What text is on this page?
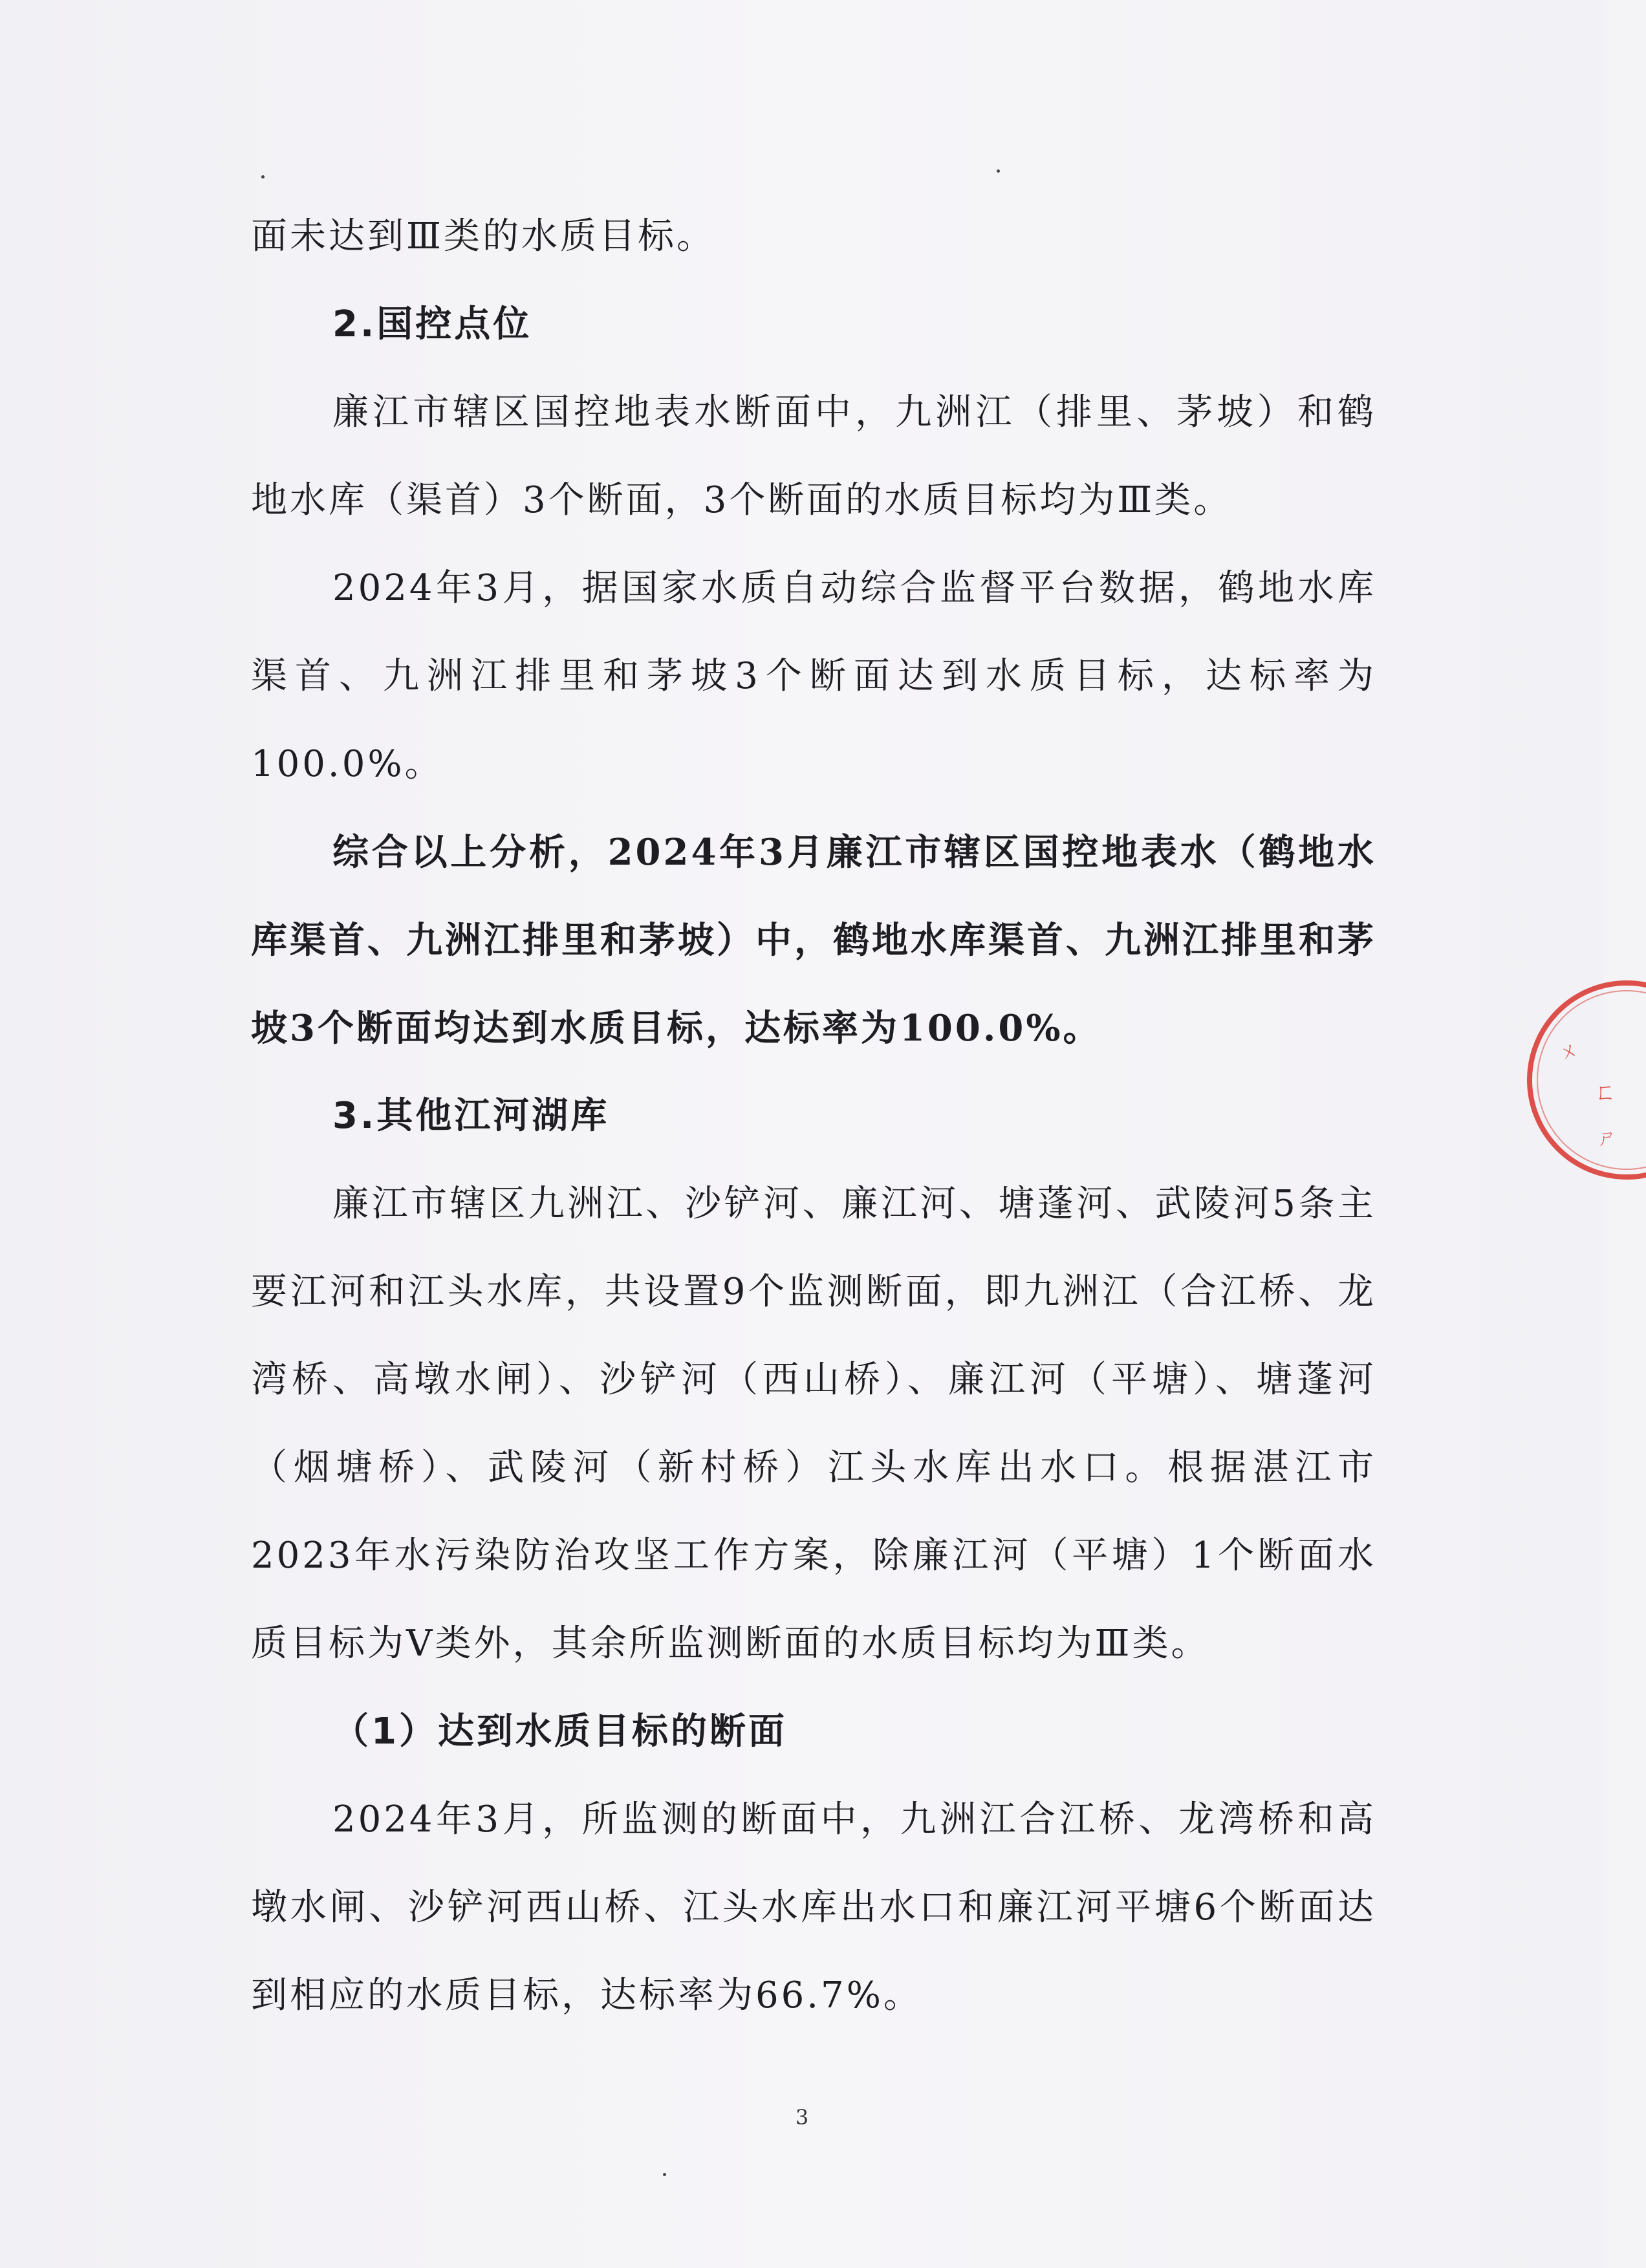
面未达到Ⅲ类的水质目标。

2.国控点位

廉江市辖区国控地表水断面中，九洲江（排里、茅坡）和鹤地水库（渠首）3个断面，3个断面的水质目标均为Ⅲ类。

2024年3月，据国家水质自动综合监督平台数据，鹤地水库渠首、九洲江排里和茅坡3个断面达到水质目标，达标率为100.0%。

综合以上分析，2024年3月廉江市辖区国控地表水（鹤地水库渠首、九洲江排里和茅坡）中，鹤地水库渠首、九洲江排里和茅坡3个断面均达到水质目标，达标率为100.0%。

3.其他江河湖库

廉江市辖区九洲江、沙铲河、廉江河、塘蓬河、武陵河5条主要江河和江头水库，共设置9个监测断面，即九洲江（合江桥、龙湾桥、高墩水闸）、沙铲河（西山桥）、廉江河（平塘）、塘蓬河（烟塘桥）、武陵河（新村桥）江头水库出水口。根据湛江市2023年水污染防治攻坚工作方案，除廉江河（平塘）1个断面水质目标为Ⅴ类外，其余所监测断面的水质目标均为Ⅲ类。

（1）达到水质目标的断面

2024年3月，所监测的断面中，九洲江合江桥、龙湾桥和高墩水闸、沙铲河西山桥、江头水库出水口和廉江河平塘6个断面达到相应的水质目标，达标率为66.7%。

ㄨ
ㄈ
ㄕ
3
